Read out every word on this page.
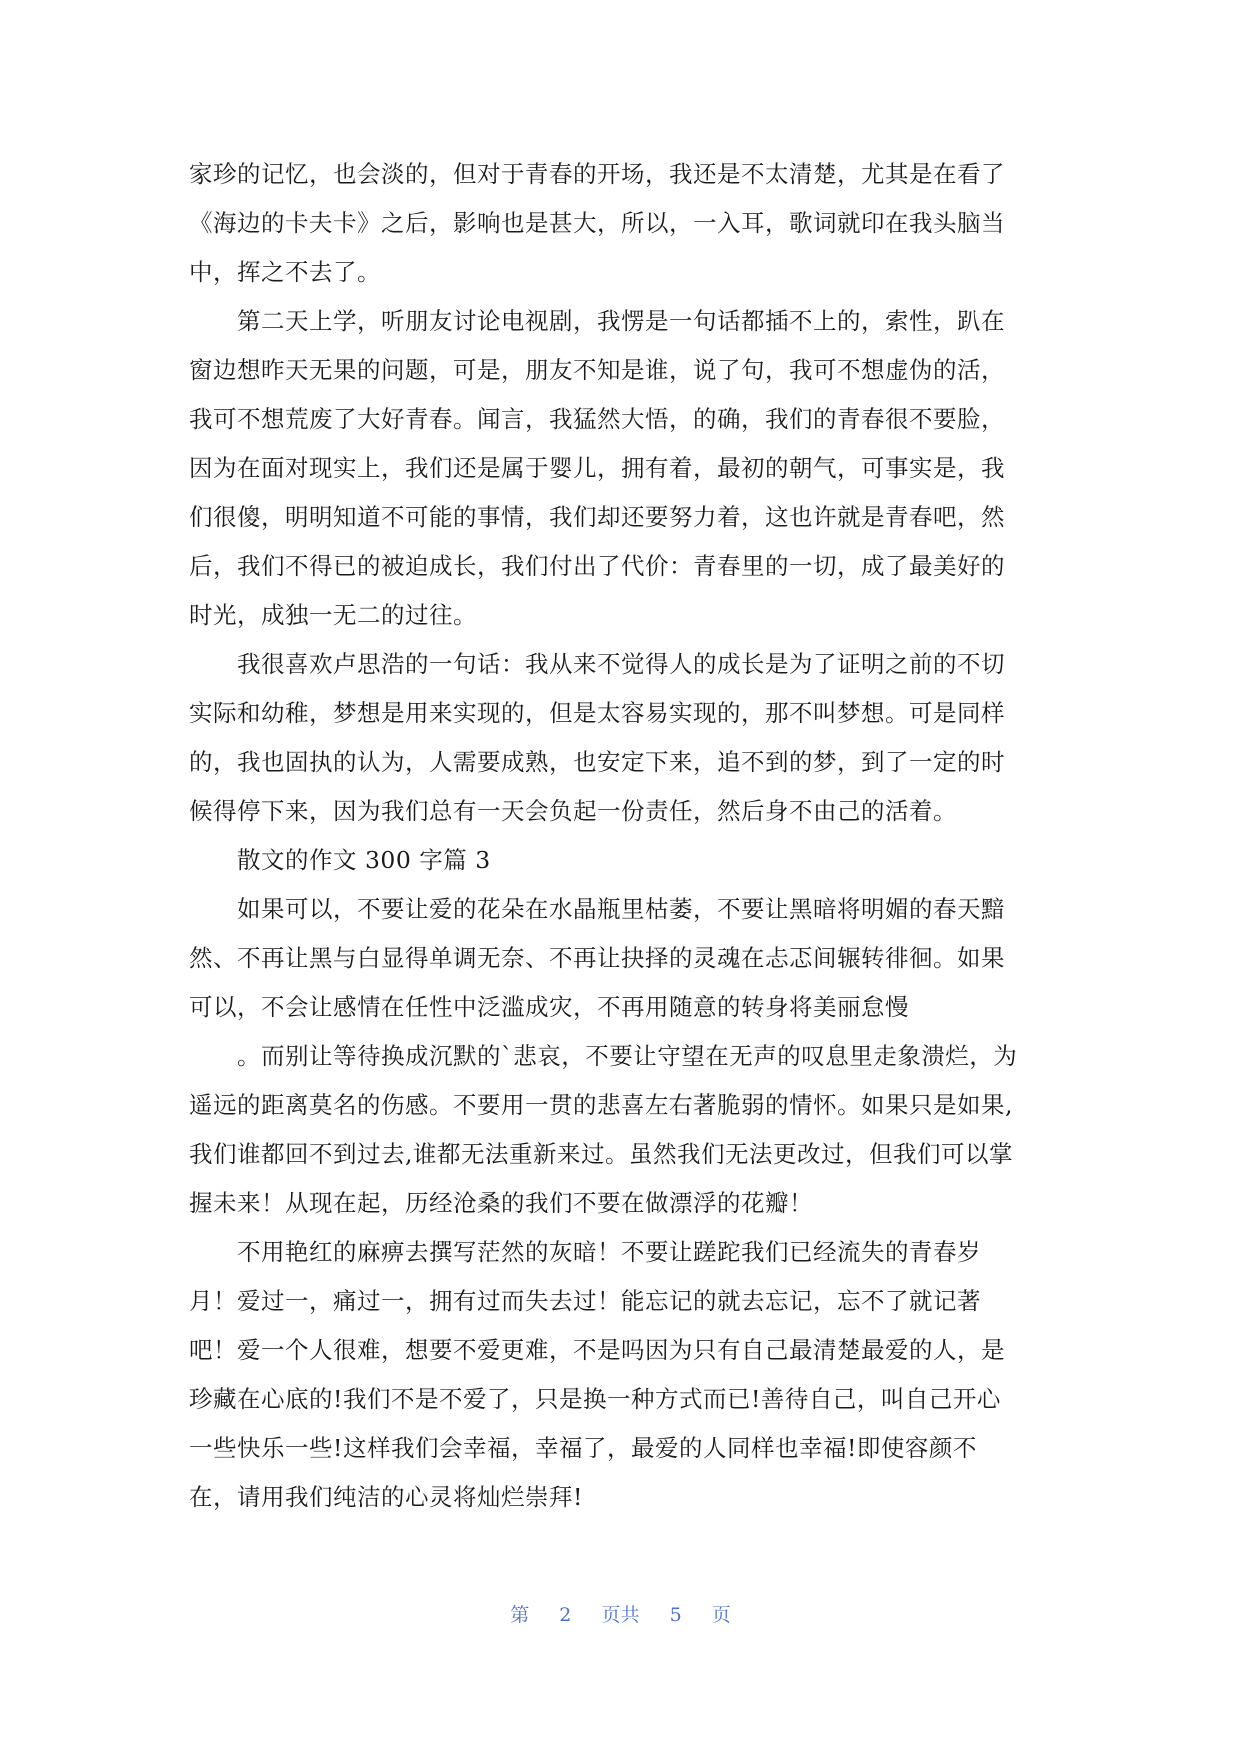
家珍的记忆，也会淡的，但对于青春的开场，我还是不太清楚，尤其是在看了
《海边的卡夫卡》之后，影响也是甚大，所以，一入耳，歌词就印在我头脑当
中，挥之不去了。
第二天上学，听朋友讨论电视剧，我愣是一句话都插不上的，索性，趴在
窗边想昨天无果的问题，可是，朋友不知是谁，说了句，我可不想虚伪的活，
我可不想荒废了大好青春。闻言，我猛然大悟，的确，我们的青春很不要脸，
因为在面对现实上，我们还是属于婴儿，拥有着，最初的朝气，可事实是，我
们很傻，明明知道不可能的事情，我们却还要努力着，这也许就是青春吧，然
后，我们不得已的被迫成长，我们付出了代价：青春里的一切，成了最美好的
时光，成独一无二的过往。
我很喜欢卢思浩的一句话：我从来不觉得人的成长是为了证明之前的不切
实际和幼稚，梦想是用来实现的，但是太容易实现的，那不叫梦想。可是同样
的，我也固执的认为，人需要成熟，也安定下来，追不到的梦，到了一定的时
候得停下来，因为我们总有一天会负起一份责任，然后身不由己的活着。
散文的作文 300 字篇 3
如果可以，不要让爱的花朵在水晶瓶里枯萎，不要让黑暗将明媚的春天黯
然、不再让黑与白显得单调无奈、不再让抉择的灵魂在忐忑间辗转徘徊。如果
可以，不会让感情在任性中泛滥成灾，不再用随意的转身将美丽怠慢
。而别让等待换成沉默的`悲哀，不要让守望在无声的叹息里走象溃烂，为
遥远的距离莫名的伤感。不要用一贯的悲喜左右著脆弱的情怀。如果只是如果,
我们谁都回不到过去,谁都无法重新来过。虽然我们无法更改过，但我们可以掌
握未来！从现在起，历经沧桑的我们不要在做漂浮的花瓣！
不用艳红的麻痹去撰写茫然的灰暗！不要让蹉跎我们已经流失的青春岁
月！爱过一，痛过一，拥有过而失去过！能忘记的就去忘记，忘不了就记著
吧！爱一个人很难，想要不爱更难，不是吗因为只有自己最清楚最爱的人，是
珍藏在心底的!我们不是不爱了，只是换一种方式而已!善待自己，叫自己开心
一些快乐一些!这样我们会幸福，幸福了，最爱的人同样也幸福!即使容颜不
在，请用我们纯洁的心灵将灿烂崇拜!
第 2 页共 5 页
